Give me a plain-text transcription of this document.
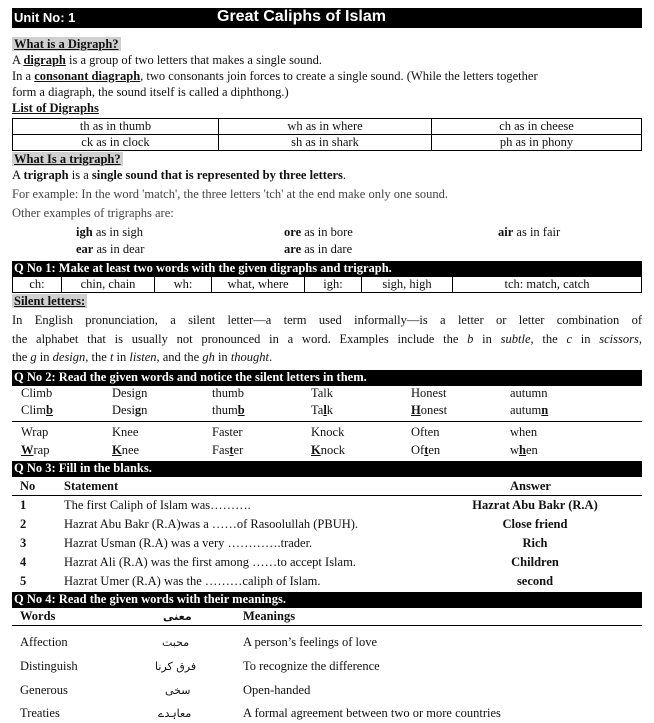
Unit No: 1	Great Caliphs of Islam
What is a Digraph?
A digraph is a group of two letters that makes a single sound.
In a consonant diagraph, two consonants join forces to create a single sound. (While the letters together
form a diagraph, the sound itself is called a diphthong.)
List of Digraphs
th as in thumb	wh as in where	ch as in cheese
ck as in clock	sh as in shark	ph as in phony
What Is a trigraph?
A trigraph is a single sound that is represented by three letters.
For example: In the word 'match', the three letters 'tch' at the end make only one sound.
Other examples of trigraphs are:
igh as in sigh	ore as in bore	air as in fair
ear as in dear	are as in dare
Q No 1: Make at least two words with the given digraphs and trigraph.
ch:	chin, chain	wh:	what, where	igh:	sigh, high	tch: match, catch
Silent letters:
In English pronunciation, a silent letter—a term used informally—is a letter or letter combination of
the alphabet that is usually not pronounced in a word. Examples include the b in subtle, the c in scissors,
the g in design, the t in listen, and the gh in thought.
Q No 2: Read the given words and notice the silent letters in them.
Climb	Design	thumb	Talk	Honest	autumn
Climb	Design	thumb	Talk	Honest	autumn
Wrap	Knee	Faster	Knock	Often	when
Wrap	Knee	Faster	Knock	Often	when
Q No 3: Fill in the blanks.
No Statement	Answer
1	The first Caliph of Islam was……….	Hazrat Abu Bakr (R.A)
2	Hazrat Abu Bakr (R.A)was a ……of Rasoolullah (PBUH).	Close friend
3	Hazrat Usman (R.A) was a very ………….trader.	Rich
4	Hazrat Ali (R.A) was the first among ……to accept Islam.	Children
5	Hazrat Umer (R.A) was the ………caliph of Islam.	second
Q No 4: Read the given words with their meanings.
Words	معنی	Meanings
Affection	محبت	A person’s feelings of love
Distinguish	فرق کرنا	To recognize the difference
Generous	سخی	Open-handed
Treaties	معاہدے	A formal agreement between two or more countries
